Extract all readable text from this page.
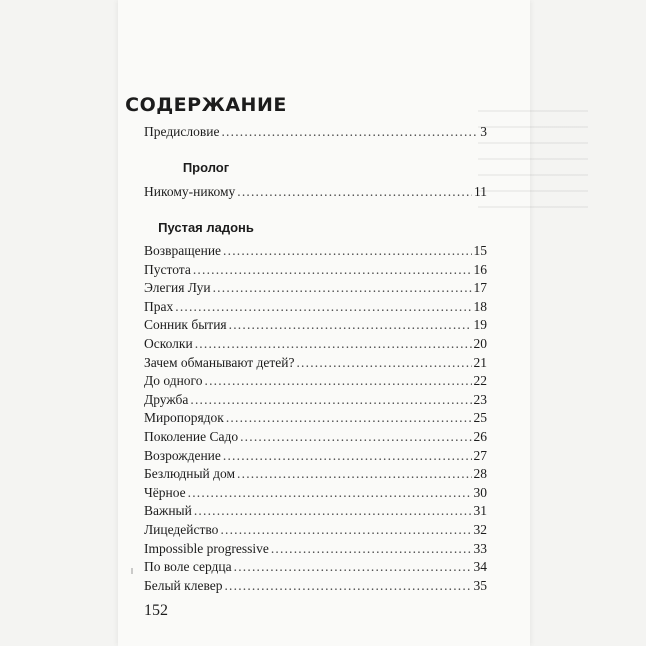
СОДЕРЖАНИЕ
Предисловие .....	3
Пролог
Никому-никому .....	11
Пустая ладонь
Возвращение .....	15
Пустота .....	16
Элегия Луи .....	17
Прах .....	18
Сонник бытия .....	19
Осколки .....	20
Зачем обманывают детей? .....	21
До одного .....	22
Дружба .....	23
Миропорядок .....	25
Поколение Садо .....	26
Возрождение .....	27
Безлюдный дом .....	28
Чёрное .....	30
Важный .....	31
Лицедейство .....	32
Impossible progressive .....	33
По воле сердца .....	34
Белый клевер .....	35
152
